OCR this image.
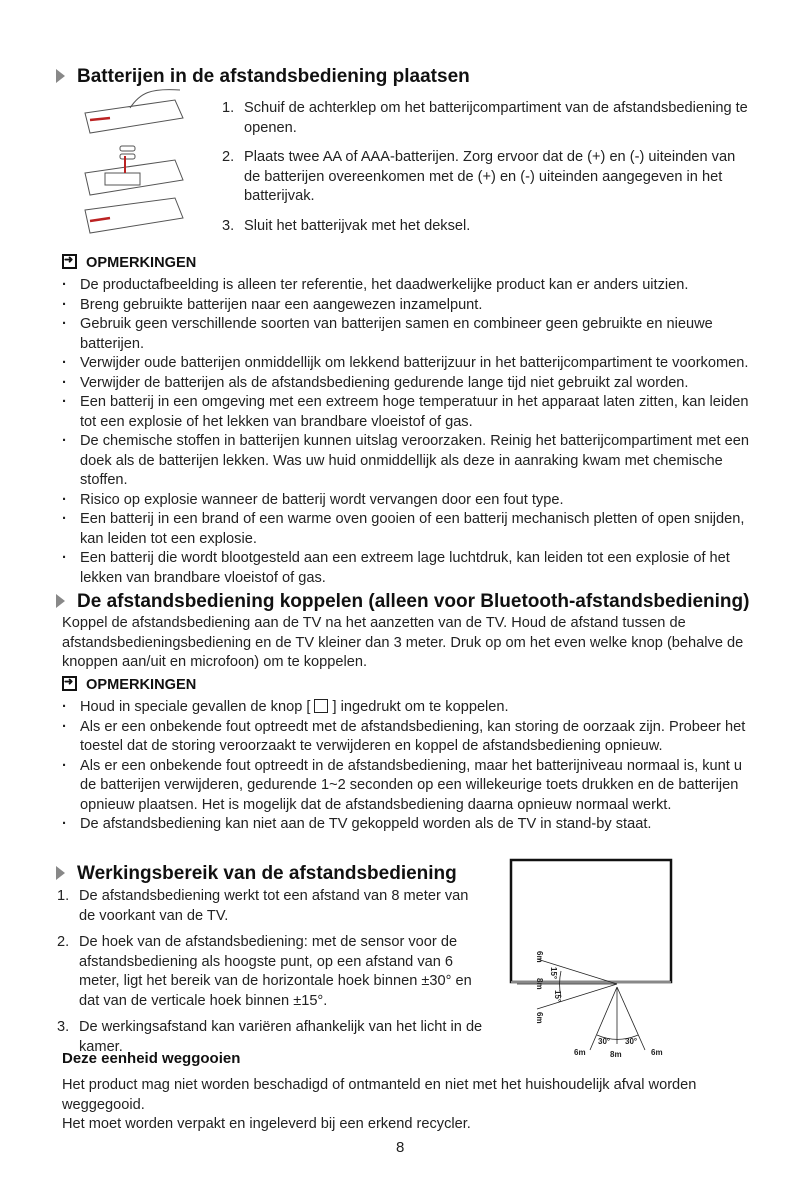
Batterijen in de afstandsbediening plaatsen
1. Schuif de achterklep om het batterijcompartiment van de afstandsbediening te openen.
2. Plaats twee AA of AAA-batterijen. Zorg ervoor dat de (+) en (-) uiteinden van de batterijen overeenkomen met de (+) en (-) uiteinden aangegeven in het batterijvak.
3. Sluit het batterijvak met het deksel.
➜OPMERKINGEN
· De productafbeelding is alleen ter referentie, het daadwerkelijke product kan er anders uitzien.
· Breng gebruikte batterijen naar een aangewezen inzamelpunt.
· Gebruik geen verschillende soorten van batterijen samen en combineer geen gebruikte en nieuwe batterijen.
· Verwijder oude batterijen onmiddellijk om lekkend batterijzuur in het batterijcompartiment te voorkomen.
· Verwijder de batterijen als de afstandsbediening gedurende lange tijd niet gebruikt zal worden.
· Een batterij in een omgeving met een extreem hoge temperatuur in het apparaat laten zitten, kan leiden tot een explosie of het lekken van brandbare vloeistof of gas.
· De chemische stoffen in batterijen kunnen uitslag veroorzaken. Reinig het batterijcompartiment met een doek als de batterijen lekken. Was uw huid onmiddellijk als deze in aanraking kwam met chemische stoffen.
· Risico op explosie wanneer de batterij wordt vervangen door een fout type.
· Een batterij in een brand of een warme oven gooien of een batterij mechanisch pletten of open snijden, kan leiden tot een explosie.
· Een batterij die wordt blootgesteld aan een extreem lage luchtdruk, kan leiden tot een explosie of het lekken van brandbare vloeistof of gas.
De afstandsbediening koppelen (alleen voor Bluetooth-afstandsbediening)
Koppel de afstandsbediening aan de TV na het aanzetten van de TV. Houd de afstand tussen de afstandsbedieningsbediening en de TV kleiner dan 3 meter. Druk op om het even welke knop (behalve de knoppen aan/uit en microfoon) om te koppelen.
➜OPMERKINGEN
· Houd in speciale gevallen de knop [ ] ingedrukt om te koppelen.
· Als er een onbekende fout optreedt met de afstandsbediening, kan storing de oorzaak zijn. Probeer het toestel dat de storing veroorzaakt te verwijderen en koppel de afstandsbediening opnieuw.
· Als er een onbekende fout optreedt in de afstandsbediening, maar het batterijniveau normaal is, kunt u de batterijen verwijderen, gedurende 1~2 seconden op een willekeurige toets drukken en de batterijen opnieuw plaatsen. Het is mogelijk dat de afstandsbediening daarna opnieuw normaal werkt.
· De afstandsbediening kan niet aan de TV gekoppeld worden als de TV in stand-by staat.
Werkingsbereik van de afstandsbediening
1. De afstandsbediening werkt tot een afstand van 8 meter van de voorkant van de TV.
2. De hoek van de afstandsbediening: met de sensor voor de afstandsbediening als hoogste punt, op een afstand van 6 meter, ligt het bereik van de horizontale hoek binnen ±30° en dat van de verticale hoek binnen ±15°.
3. De werkingsafstand kan variëren afhankelijk van het licht in de kamer.
6m
15°
8m
15°
6m
30° 30°
6m	8m	6m
Deze eenheid weggooien
Het product mag niet worden beschadigd of ontmanteld en niet met het huishoudelijk afval worden weggegooid.
Het moet worden verpakt en ingeleverd bij een erkend recycler.
8
